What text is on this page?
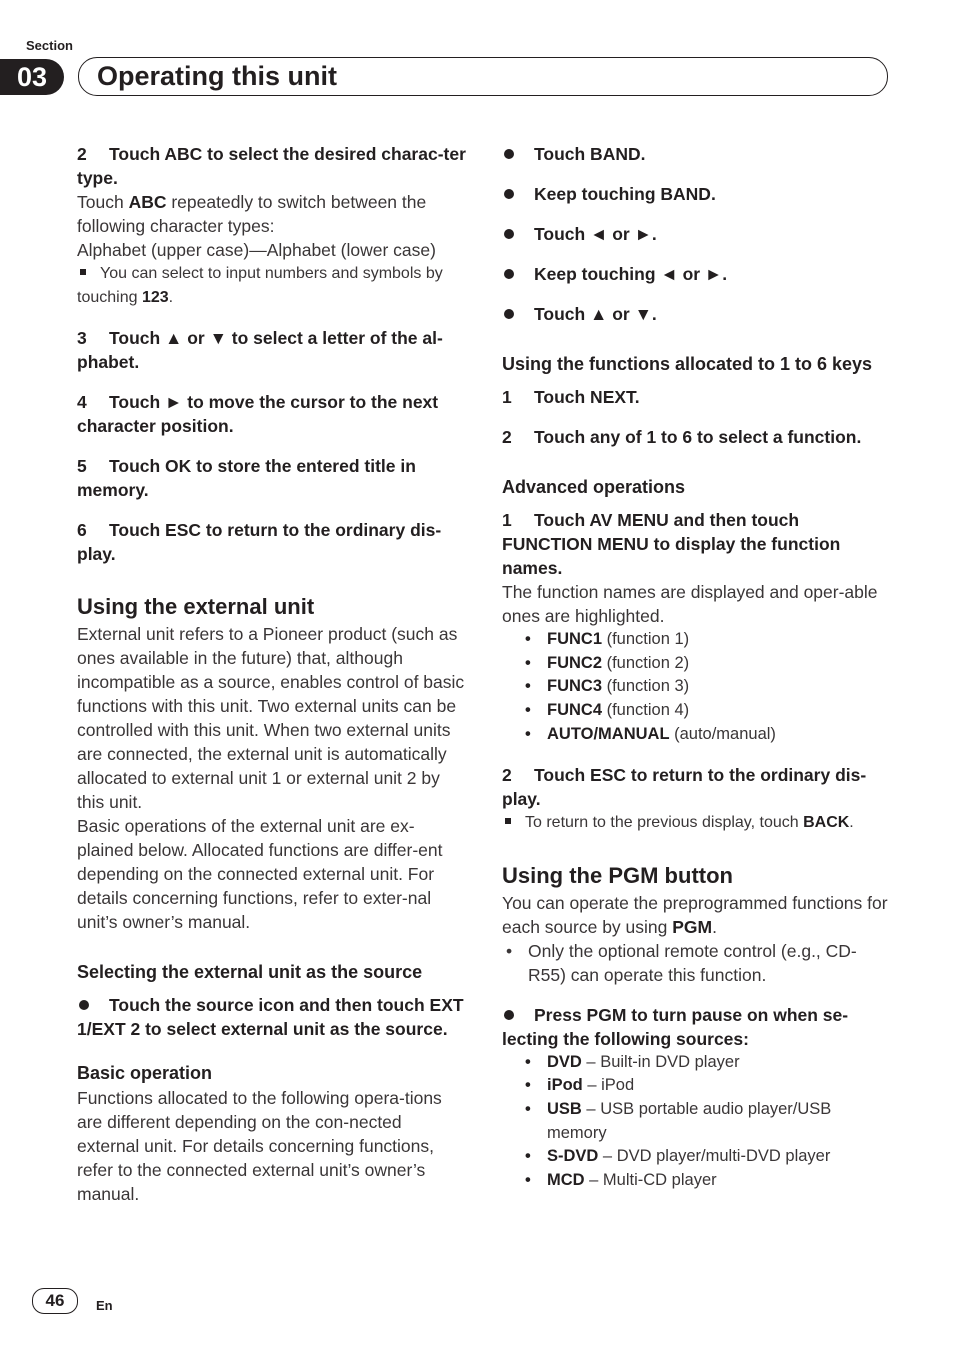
Section
03	Operating this unit

2 Touch ABC to select the desired charac-ter type.

Touch ABC repeatedly to switch between the following character types:

Alphabet (upper case)—Alphabet (lower case)

You can select to input numbers and symbols by touching 123.

3 Touch ▲ or ▼ to select a letter of the al-phabet.

4 Touch ► to move the cursor to the next character position.

5 Touch OK to store the entered title in memory.

6 Touch ESC to return to the ordinary dis-play.

Using the external unit

External unit refers to a Pioneer product (such as ones available in the future) that, although incompatible as a source, enables control of basic functions with this unit. Two external units can be controlled with this unit. When two external units are connected, the external unit is automatically allocated to external unit 1 or external unit 2 by this unit.

Basic operations of the external unit are ex-plained below. Allocated functions are differ-ent depending on the connected external unit. For details concerning functions, refer to exter-nal unit’s owner’s manual.

Selecting the external unit as the source

Touch the source icon and then touch EXT 1/EXT 2 to select external unit as the source.

Basic operation

Functions allocated to the following opera-tions are different depending on the con-nected external unit. For details concerning functions, refer to the connected external unit’s owner’s manual.

Touch BAND.

Keep touching BAND.

Touch ◄ or ►.

Keep touching ◄ or ►.

Touch ▲ or ▼.

Using the functions allocated to 1 to 6 keys

1 Touch NEXT.

2 Touch any of 1 to 6 to select a function.

Advanced operations

1 Touch AV MENU and then touch FUNCTION MENU to display the function names.

The function names are displayed and oper-able ones are highlighted.

• FUNC1 (function 1)
• FUNC2 (function 2)
• FUNC3 (function 3)
• FUNC4 (function 4)
• AUTO/MANUAL (auto/manual)

2 Touch ESC to return to the ordinary dis-play.

To return to the previous display, touch BACK.

Using the PGM button

You can operate the preprogrammed functions for each source by using PGM.

• Only the optional remote control (e.g., CD-R55) can operate this function.

Press PGM to turn pause on when se-lecting the following sources:

• DVD – Built-in DVD player
• iPod – iPod
• USB – USB portable audio player/USB memory
• S-DVD – DVD player/multi-DVD player
• MCD – Multi-CD player
46	En
